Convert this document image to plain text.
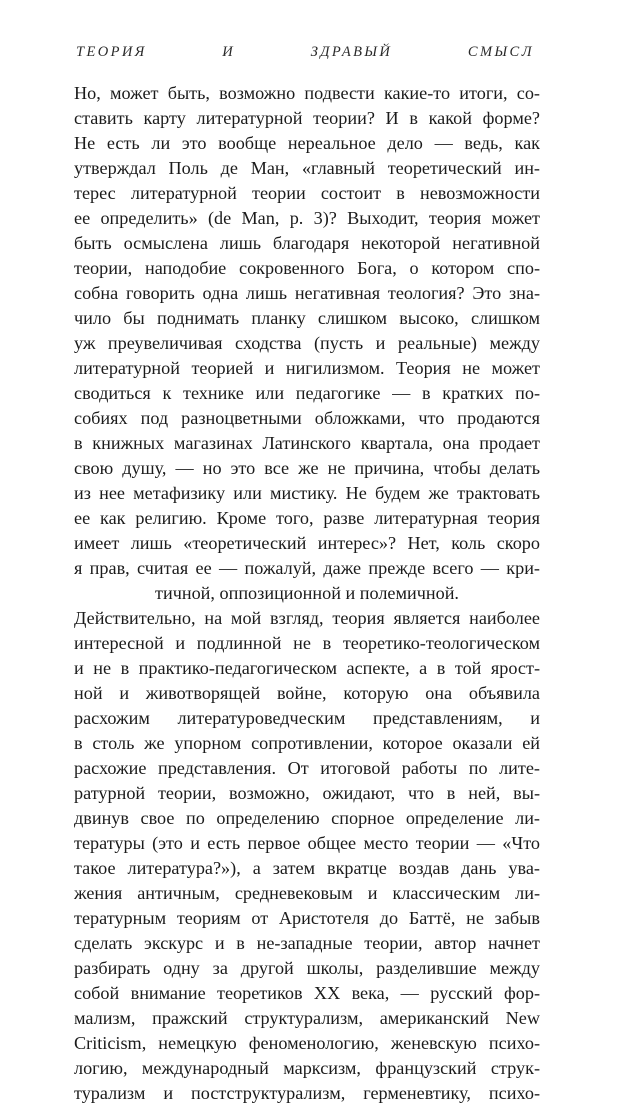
ТЕОРИЯ	И	ЗДРАВЫЙ	СМЫСЛ
Но, может быть, возможно подвести какие-то итоги, со-
ставить карту литературной теории? И в какой форме?
Не есть ли это вообще нереальное дело — ведь, как
утверждал Поль де Ман, «главный теоретический ин-
терес литературной теории состоит в невозможности
ее определить» (de Man, p. 3)? Выходит, теория может
быть осмыслена лишь благодаря некоторой негативной
теории, наподобие сокровенного Бога, о котором спо-
собна говорить одна лишь негативная теология? Это зна-
чило бы поднимать планку слишком высоко, слишком
уж преувеличивая сходства (пусть и реальные) между
литературной теорией и нигилизмом. Теория не может
сводиться к технике или педагогике — в кратких по-
собиях под разноцветными обложками, что продаются
в книжных магазинах Латинского квартала, она продает
свою душу, — но это все же не причина, чтобы делать
из нее метафизику или мистику. Не будем же трактовать
ее как религию. Кроме того, разве литературная теория
имеет лишь «теоретический интерес»? Нет, коль скоро
я прав, считая ее — пожалуй, даже прежде всего — кри-
тичной, оппозиционной и полемичной.
Действительно, на мой взгляд, теория является наиболее
интересной и подлинной не в теоретико-теологическом
и не в практико-педагогическом аспекте, а в той ярост-
ной и животворящей войне, которую она объявила
расхожим литературоведческим представлениям, и
в столь же упорном сопротивлении, которое оказали ей
расхожие представления. От итоговой работы по лите-
ратурной теории, возможно, ожидают, что в ней, вы-
двинув свое по определению спорное определение ли-
тературы (это и есть первое общее место теории — «Что
такое литература?»), а затем вкратце воздав дань ува-
жения античным, средневековым и классическим ли-
тературным теориям от Аристотеля до Баттё, не забыв
сделать экскурс и в не-западные теории, автор начнет
разбирать одну за другой школы, разделившие между
собой внимание теоретиков XX века, — русский фор-
мализм, пражский структурализм, американский New
Criticism, немецкую феноменологию, женевскую психо-
логию, международный марксизм, французский струк-
турализм и постструктурализм, герменевтику, психо-
